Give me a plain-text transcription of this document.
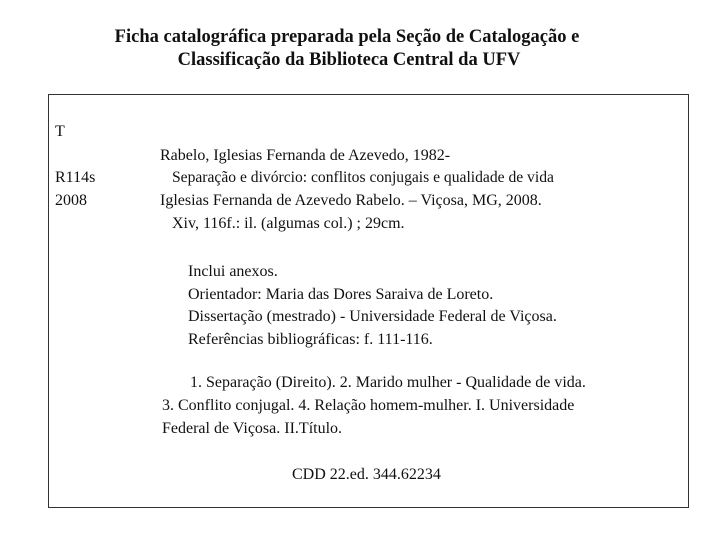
Ficha catalográfica preparada pela Seção de Catalogação e
Classificação da Biblioteca Central da UFV
T
Rabelo, Iglesias Fernanda de Azevedo, 1982-
R114s	Separação e divórcio: conflitos conjugais e qualidade de vida
2008	Iglesias Fernanda de Azevedo Rabelo. – Viçosa, MG, 2008.
Xiv, 116f.: il. (algumas col.) ; 29cm.
Inclui anexos.
Orientador: Maria das Dores Saraiva de Loreto.
Dissertação (mestrado) - Universidade Federal de Viçosa.
Referências bibliográficas: f. 111-116.
1. Separação (Direito). 2. Marido mulher - Qualidade de vida.
3. Conflito conjugal. 4. Relação homem-mulher. I. Universidade
Federal de Viçosa. II.Título.
CDD 22.ed. 344.62234
